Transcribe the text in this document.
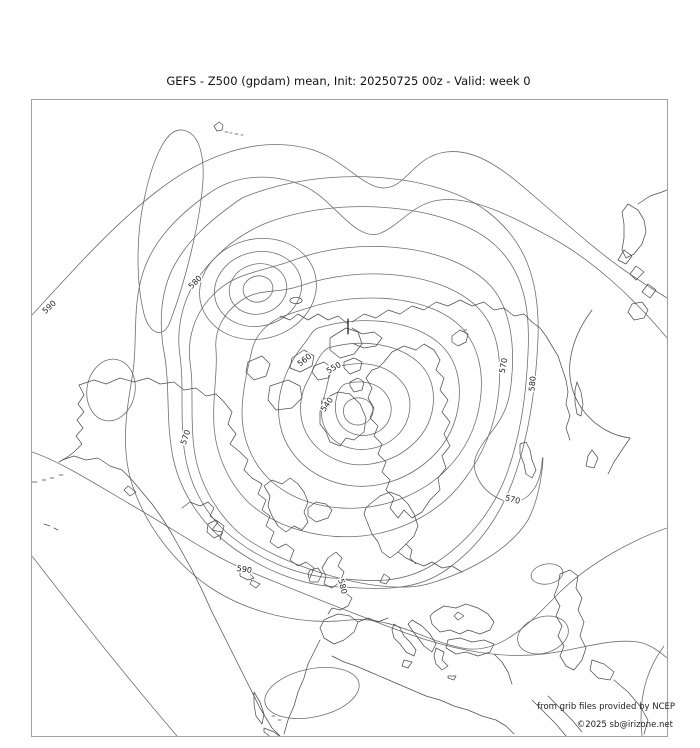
GEFS - Z500 (gpdam) mean, Init: 20250725 00z - Valid: week 0
590
580
560 550
540
570
570
580
570
590
580
from grib files provided by NCEP
©2025 sb@irizone.net
